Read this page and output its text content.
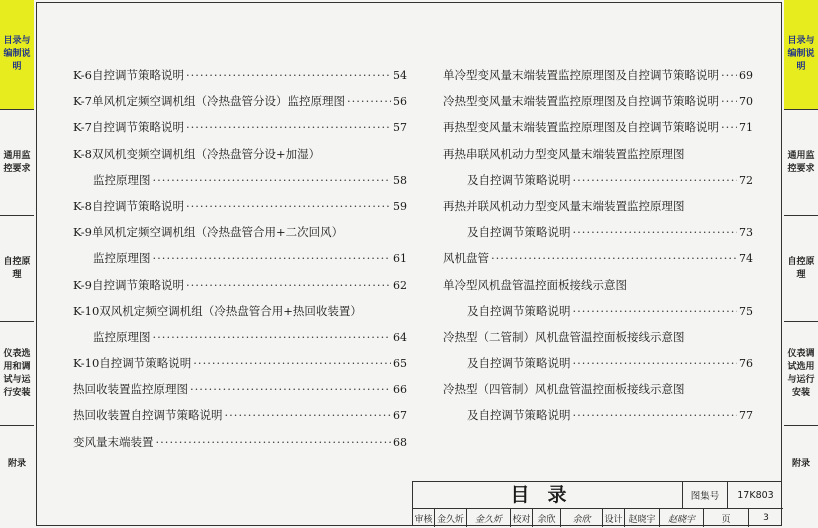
目录与编制说明
通用监控要求
自控原理
仪表选用和调试与运行安装
附录
目录与编制说明
通用监控要求
自控原理
仪表调试选用与运行安装
附录
K-6自控调节策略说明 ·····	54
K-7单风机定频空调机组（冷热盘管分设）监控原理图 ·····	56
K-7自控调节策略说明 ·····	57
K-8双风机变频空调机组（冷热盘管分设+加湿）
监控原理图 ·····	58
K-8自控调节策略说明 ·····	59
K-9单风机定频空调机组（冷热盘管合用+二次回风）
监控原理图 ·····	61
K-9自控调节策略说明 ·····	62
K-10双风机定频空调机组（冷热盘管合用+热回收装置）
监控原理图 ·····	64
K-10自控调节策略说明 ·····	65
热回收装置监控原理图 ·····	66
热回收装置自控调节策略说明 ·····	67
变风量末端装置 ·····	68
单冷型变风量末端装置监控原理图及自控调节策略说明 ····· 69
冷热型变风量末端装置监控原理图及自控调节策略说明 ····· 70
再热型变风量末端装置监控原理图及自控调节策略说明 ····· 71
再热串联风机动力型变风量末端装置监控原理图
及自控调节策略说明 ·····	72
再热并联风机动力型变风量末端装置监控原理图
及自控调节策略说明 ·····	73
风机盘管 ·····	74
单冷型风机盘管温控面板接线示意图
及自控调节策略说明 ·····	75
冷热型（二管制）风机盘管温控面板接线示意图
及自控调节策略说明 ·····	76
冷热型（四管制）风机盘管温控面板接线示意图
及自控调节策略说明 ·····	77
目录	图集号	17K803
审核 金久炘	金久炘	校对 余欣	余欣	设计 赵晓宇	赵晓宇	页	3
